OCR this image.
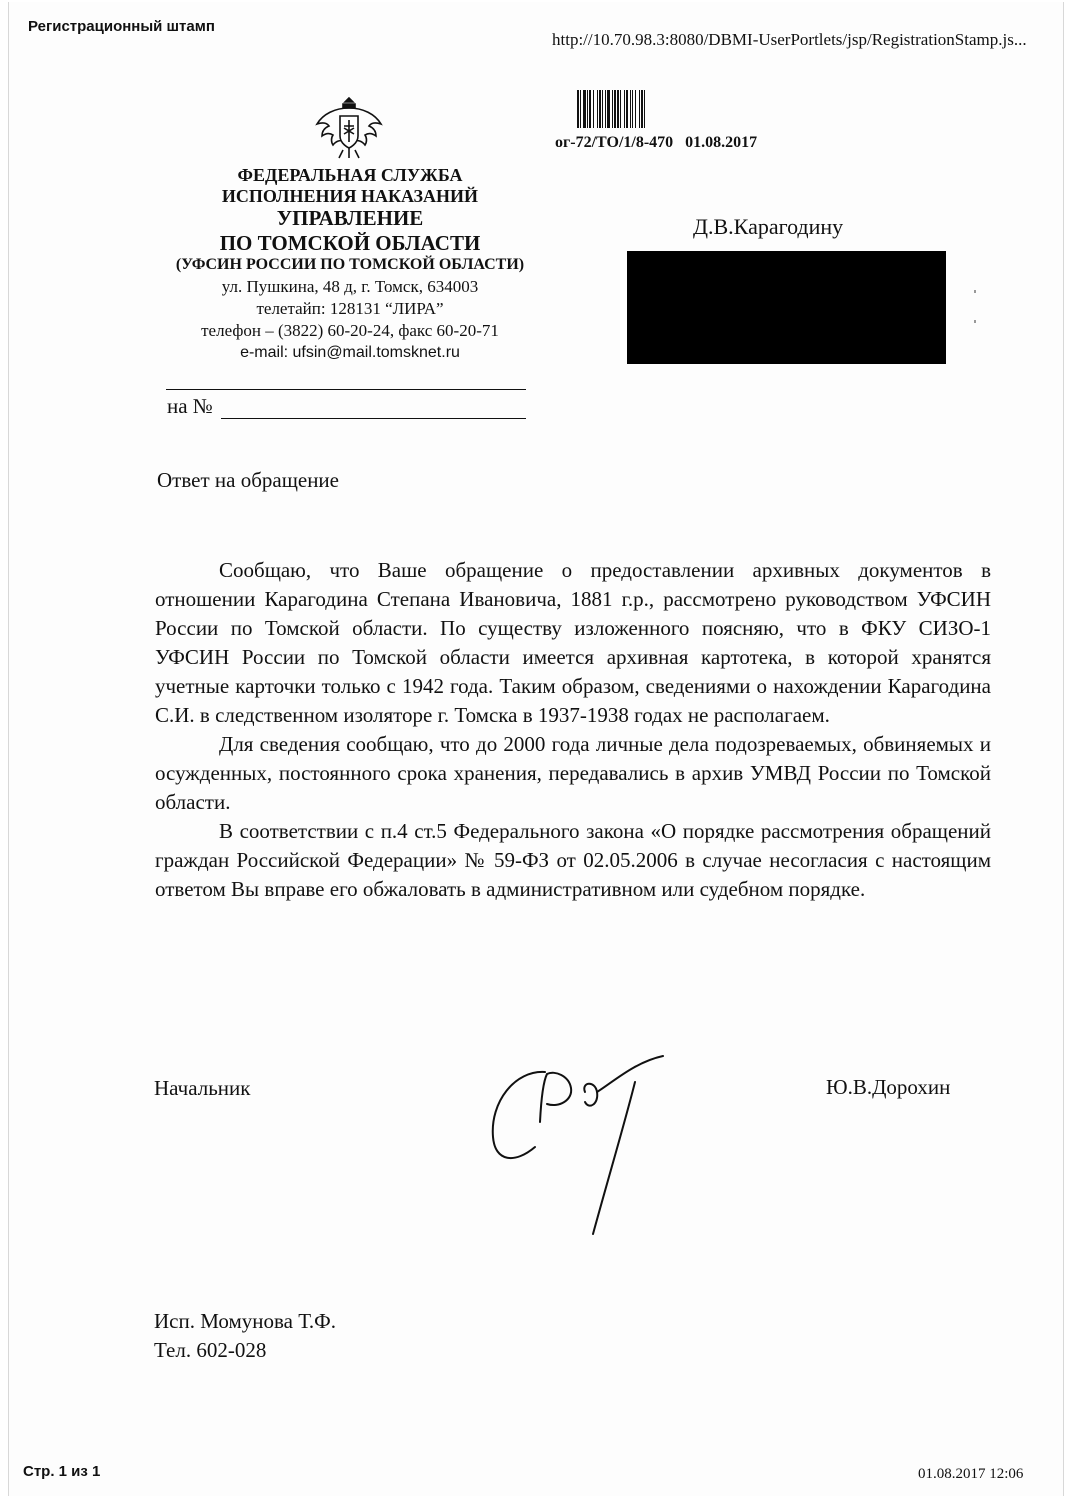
Регистрационный штамп
http://10.70.98.3:8080/DBMI-UserPortlets/jsp/RegistrationStamp.js...
ог-72/ТО/1/8-470 01.08.2017
ФЕДЕРАЛЬНАЯ СЛУЖБА
ИСПОЛНЕНИЯ НАКАЗАНИЙ
УПРАВЛЕНИЕ
ПО ТОМСКОЙ ОБЛАСТИ
(УФСИН РОССИИ ПО ТОМСКОЙ ОБЛАСТИ)
ул. Пушкина, 48 д, г. Томск, 634003
телетайп: 128131 “ЛИРА”
телефон – (3822) 60-20-24, факс 60-20-71
e-mail: ufsin@mail.tomsknet.ru
на №
Д.В.Карагодину
Ответ на обращение

Сообщаю, что Ваше обращение о предоставлении архивных документов в отношении Карагодина Степана Ивановича, 1881 г.р., рассмотрено руководством УФСИН России по Томской области. По существу изложенного поясняю, что в ФКУ СИЗО-1 УФСИН России по Томской области имеется архивная картотека, в которой хранятся учетные карточки только с 1942 года. Таким образом, сведениями о нахождении Карагодина С.И. в следственном изоляторе г. Томска в 1937-1938 годах не располагаем.

Для сведения сообщаю, что до 2000 года личные дела подозреваемых, обвиняемых и осужденных, постоянного срока хранения, передавались в архив УМВД России по Томской области.

В соответствии с п.4 ст.5 Федерального закона «О порядке рассмотрения обращений граждан Российской Федерации» № 59-ФЗ от 02.05.2006 в случае несогласия с настоящим ответом Вы вправе его обжаловать в административном или судебном порядке.

Начальник	Ю.В.Дорохин
Исп. Момунова Т.Ф.
Тел. 602-028
Стр. 1 из 1	01.08.2017 12:06
